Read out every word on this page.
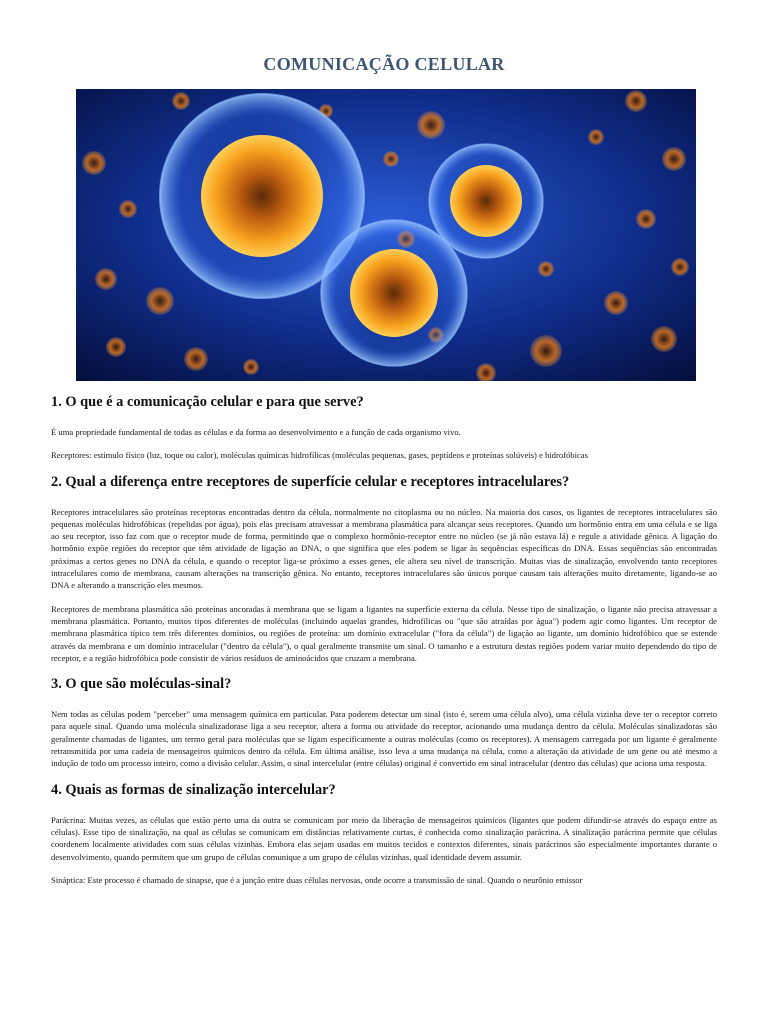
COMUNICAÇÃO CELULAR
1. O que é a comunicação celular e para que serve?

É uma propriedade fundamental de todas as células e da forma ao desenvolvimento e a função de cada organismo vivo.

Receptores: estímulo físico (luz, toque ou calor), moléculas químicas hidrofílicas (moléculas pequenas, gases, peptídeos e proteínas solúveis) e hidrofóbicas

2. Qual a diferença entre receptores de superfície celular e receptores intracelulares?

Receptores intracelulares são proteínas receptoras encontradas dentro da célula, normalmente no citoplasma ou no núcleo. Na maioria dos casos, os ligantes de receptores intracelulares são pequenas moléculas hidrofóbicas (repelidas por água), pois elas precisam atravessar a membrana plasmática para alcançar seus receptores. Quando um hormônio entra em uma célula e se liga ao seu receptor, isso faz com que o receptor mude de forma, permitindo que o complexo hormônio-receptor entre no núcleo (se já não estava lá) e regule a atividade gênica. A ligação do hormônio expõe regiões do receptor que têm atividade de ligação ao DNA, o que significa que eles podem se ligar às sequências específicas do DNA. Essas sequências são encontradas próximas a certos genes no DNA da célula, e quando o receptor liga-se próximo a esses genes, ele altera seu nível de transcrição. Muitas vias de sinalização, envolvendo tanto receptores intracelulares como de membrana, causam alterações na transcrição gênica. No entanto, receptores intracelulares são únicos porque causam tais alterações muito diretamente, ligando-se ao DNA e alterando a transcrição eles mesmos.

Receptores de membrana plasmática são proteínas ancoradas à membrana que se ligam a ligantes na superfície externa da célula. Nesse tipo de sinalização, o ligante não precisa atravessar a membrana plasmática. Portanto, muitos tipos diferentes de moléculas (incluindo aquelas grandes, hidrofílicas ou "que são atraídas por água") podem agir como ligantes. Um receptor de membrana plasmática típico tem três diferentes domínios, ou regiões de proteína: um domínio extracelular ("fora da célula") de ligação ao ligante, um domínio hidrofóbico que se estende através da membrana e um domínio intracelular ("dentro da célula"), o qual geralmente transmite um sinal. O tamanho e a estrutura destas regiões podem variar muito dependendo do tipo de receptor, e a região hidrofóbica pode consistir de vários resíduos de aminoácidos que cruzam a membrana.

3. O que são moléculas-sinal?

Nem todas as células podem "perceber" uma mensagem química em particular. Para poderem detectar um sinal (isto é, serem uma célula alvo), uma célula vizinha deve ter o receptor correto para aquele sinal. Quando uma molécula sinalizadorase liga a seu receptor, altera a forma ou atividade do receptor, acionando uma mudança dentro da célula. Moléculas sinalizadoras são geralmente chamadas de ligantes, um termo geral para moléculas que se ligam especificamente a outras moléculas (como os receptores). A mensagem carregada por um ligante é geralmente retransmitida por uma cadeia de mensageiros químicos dentro da célula. Em última análise, isso leva a uma mudança na célula, como a alteração da atividade de um gene ou até mesmo a indução de todo um processo inteiro, como a divisão celular. Assim, o sinal intercelular (entre células) original é convertido em sinal intracelular (dentro das células) que aciona uma resposta.

4. Quais as formas de sinalização intercelular?

Parácrina: Muitas vezes, as células que estão perto uma da outra se comunicam por meio da liberação de mensageiros químicos (ligantes que podem difundir-se através do espaço entre as células). Esse tipo de sinalização, na qual as células se comunicam em distâncias relativamente curtas, é conhecida como sinalização parácrina. A sinalização parácrina permite que células coordenem localmente atividades com suas células vizinhas. Embora elas sejam usadas em muitos tecidos e contextos diferentes, sinais parácrinos são especialmente importantes durante o desenvolvimento, quando permitem que um grupo de células comunique a um grupo de células vizinhas, qual identidade devem assumir.

Sináptica: Este processo é chamado de sinapse, que é a junção entre duas células nervosas, onde ocorre a transmissão de sinal. Quando o neurônio emissor
